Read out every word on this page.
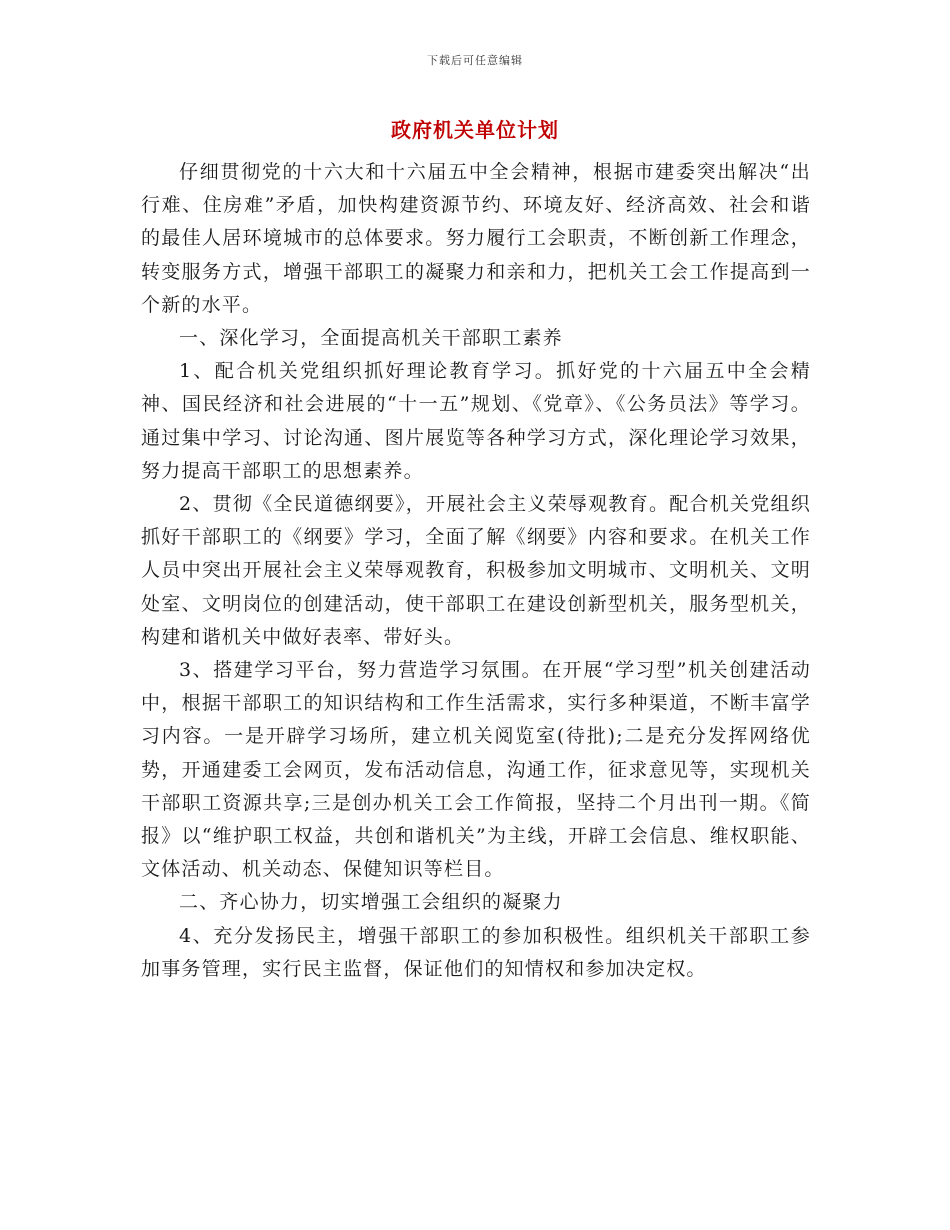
下载后可任意编辑
政府机关单位计划

仔细贯彻党的十六大和十六届五中全会精神，根据市建委突出解决“出行难、住房难”矛盾，加快构建资源节约、环境友好、经济高效、社会和谐的最佳人居环境城市的总体要求。努力履行工会职责，不断创新工作理念，转变服务方式，增强干部职工的凝聚力和亲和力，把机关工会工作提高到一个新的水平。

一、深化学习，全面提高机关干部职工素养

1、配合机关党组织抓好理论教育学习。抓好党的十六届五中全会精神、国民经济和社会进展的“十一五”规划、《党章》、《公务员法》等学习。通过集中学习、讨论沟通、图片展览等各种学习方式，深化理论学习效果，努力提高干部职工的思想素养。

2、贯彻《全民道德纲要》，开展社会主义荣辱观教育。配合机关党组织抓好干部职工的《纲要》学习，全面了解《纲要》内容和要求。在机关工作人员中突出开展社会主义荣辱观教育，积极参加文明城市、文明机关、文明处室、文明岗位的创建活动，使干部职工在建设创新型机关，服务型机关，构建和谐机关中做好表率、带好头。

3、搭建学习平台，努力营造学习氛围。在开展“学习型”机关创建活动中，根据干部职工的知识结构和工作生活需求，实行多种渠道，不断丰富学习内容。一是开辟学习场所，建立机关阅览室(待批);二是充分发挥网络优势，开通建委工会网页，发布活动信息，沟通工作，征求意见等，实现机关干部职工资源共享;三是创办机关工会工作简报，坚持二个月出刊一期。《简报》以“维护职工权益，共创和谐机关”为主线，开辟工会信息、维权职能、文体活动、机关动态、保健知识等栏目。

二、齐心协力，切实增强工会组织的凝聚力

4、充分发扬民主，增强干部职工的参加积极性。组织机关干部职工参加事务管理，实行民主监督，保证他们的知情权和参加决定权。
